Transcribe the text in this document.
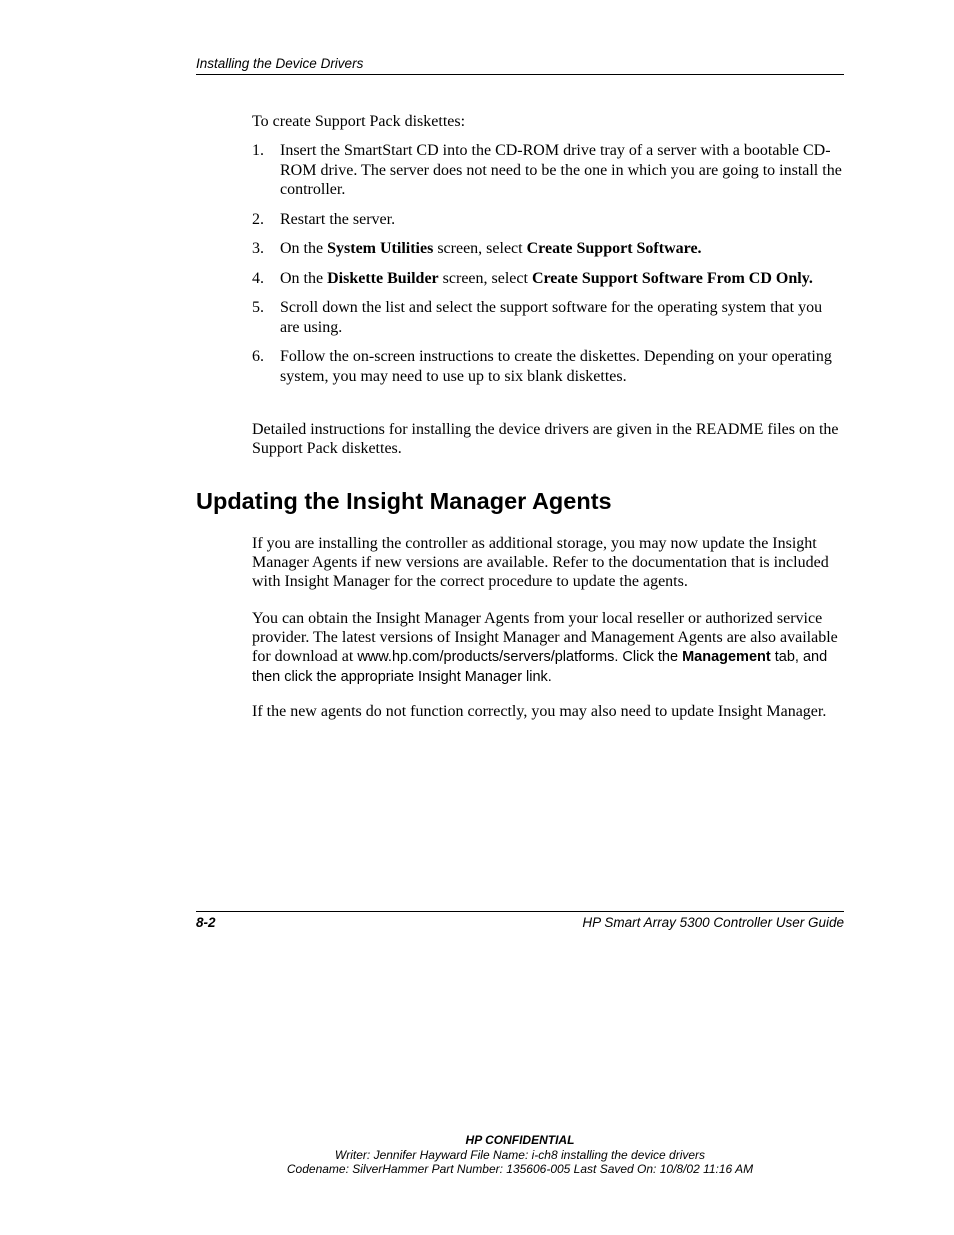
Installing the Device Drivers

To create Support Pack diskettes:

1.	Insert the SmartStart CD into the CD-ROM drive tray of a server with a bootable CD-ROM drive. The server does not need to be the one in which you are going to install the controller.
2.	Restart the server.
3.	On the System Utilities screen, select Create Support Software.
4.	On the Diskette Builder screen, select Create Support Software From CD Only.
5.	Scroll down the list and select the support software for the operating system that you are using.
6.	Follow the on-screen instructions to create the diskettes. Depending on your operating system, you may need to use up to six blank diskettes.

Detailed instructions for installing the device drivers are given in the README files on the Support Pack diskettes.

Updating the Insight Manager Agents

If you are installing the controller as additional storage, you may now update the Insight Manager Agents if new versions are available. Refer to the documentation that is included with Insight Manager for the correct procedure to update the agents.

You can obtain the Insight Manager Agents from your local reseller or authorized service provider. The latest versions of Insight Manager and Management Agents are also available for download at www.hp.com/products/servers/platforms. Click the Management tab, and then click the appropriate Insight Manager link.

If the new agents do not function correctly, you may also need to update Insight Manager.

8-2	HP Smart Array 5300 Controller User Guide
HP CONFIDENTIAL
Writer: Jennifer Hayward File Name: i-ch8 installing the device drivers
Codename: SilverHammer Part Number: 135606-005 Last Saved On: 10/8/02 11:16 AM
